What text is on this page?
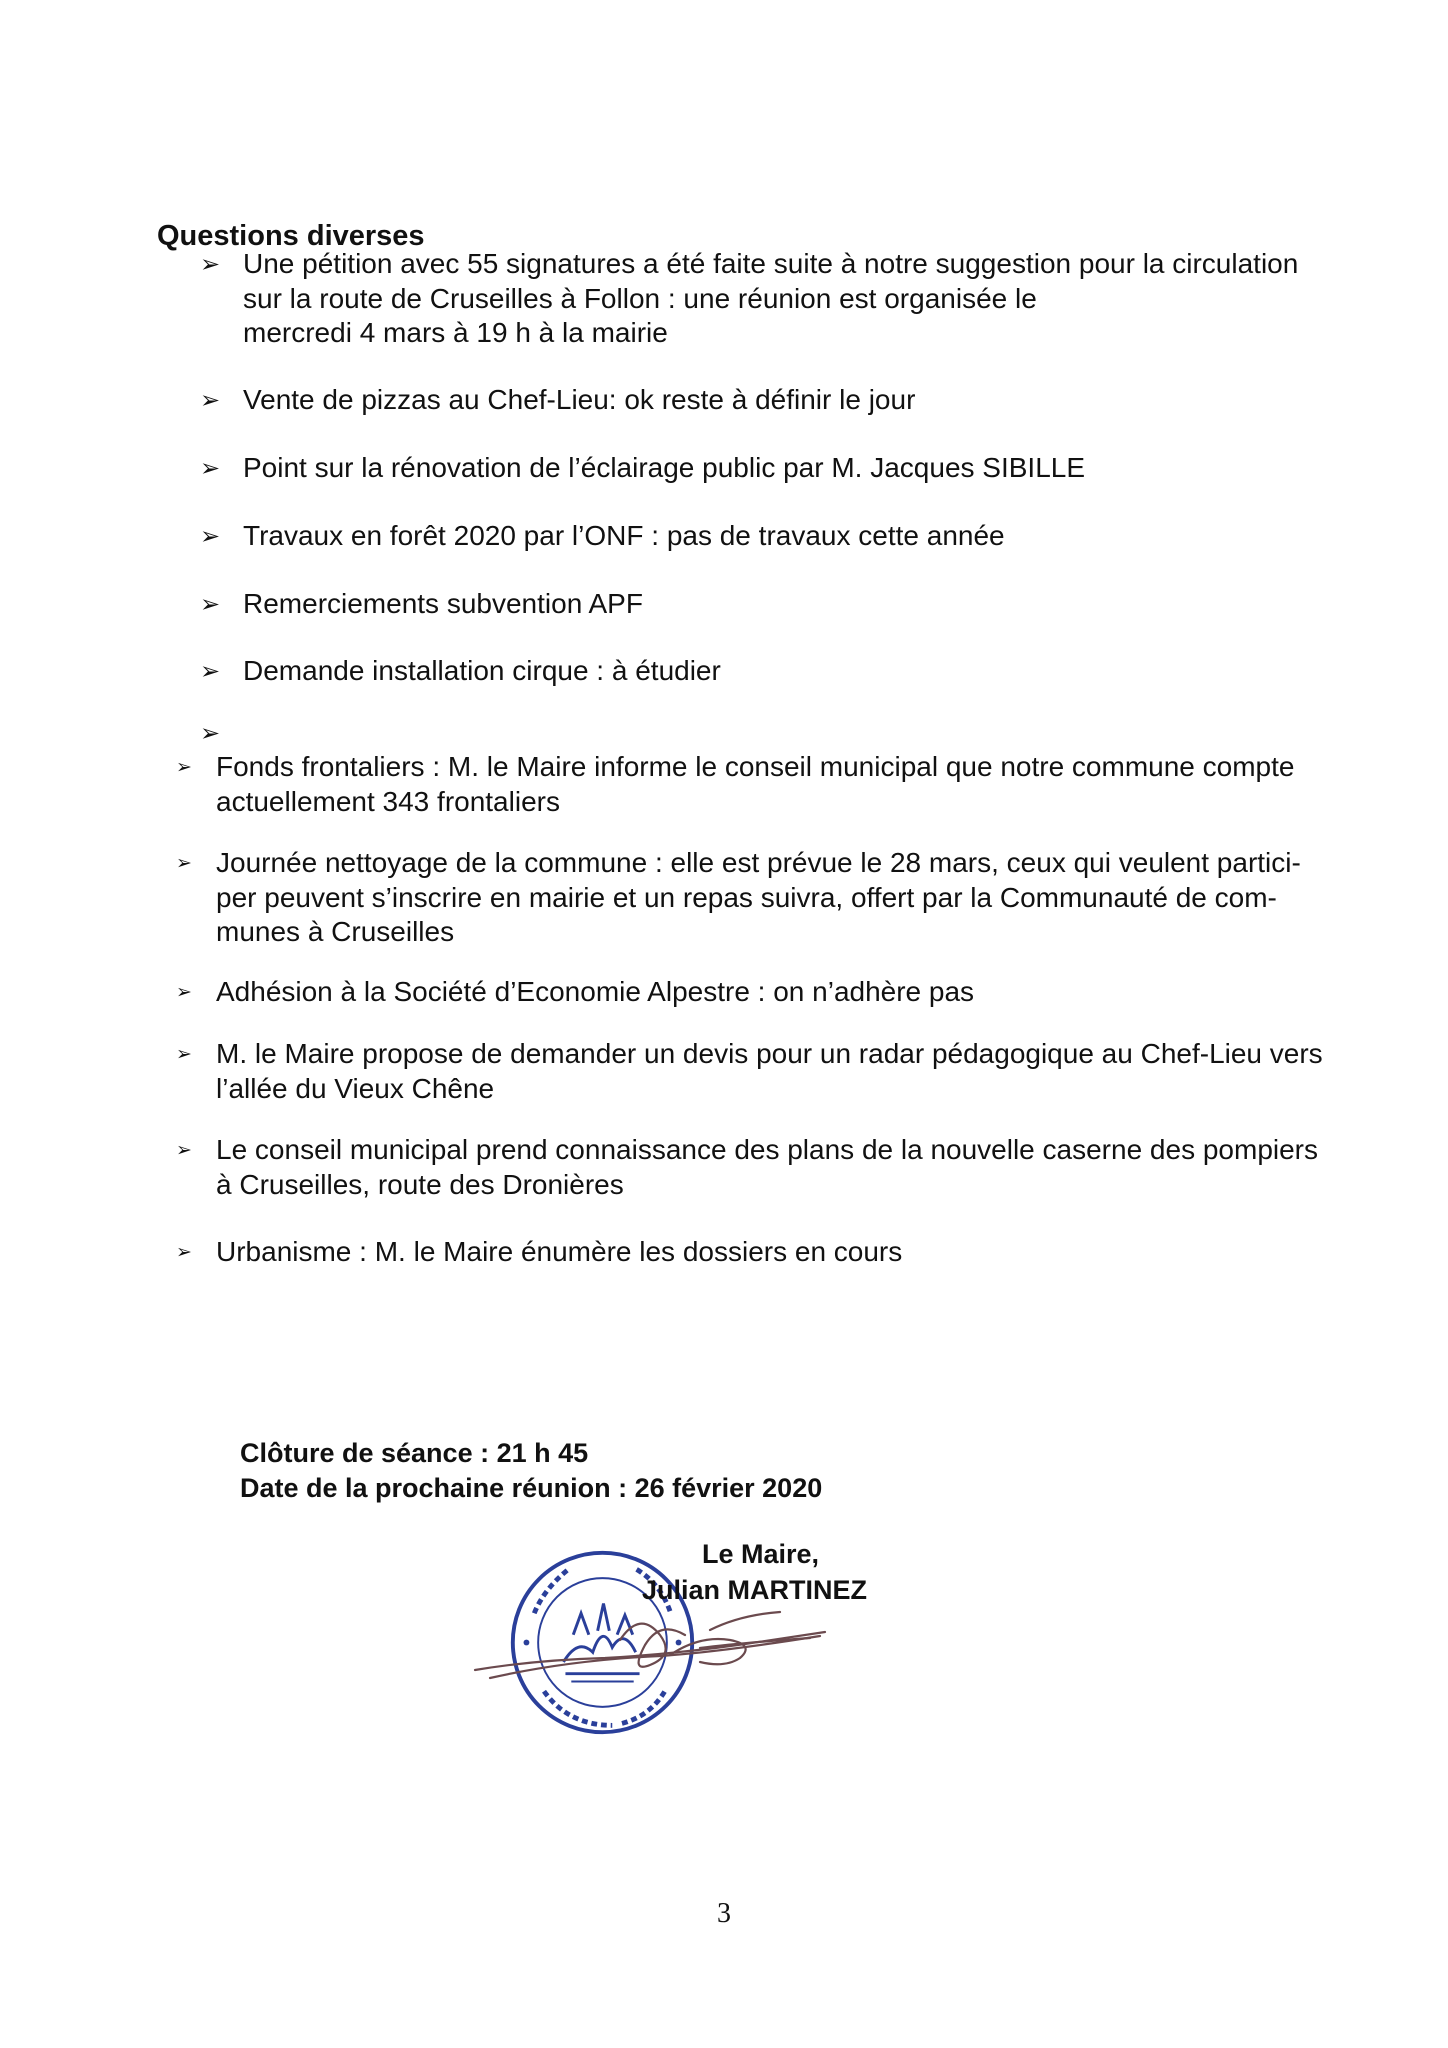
Questions diverses
➢ Une pétition avec 55 signatures a été faite suite à notre suggestion pour la circulation
sur la route de Cruseilles à Follon : une réunion est organisée le
mercredi 4 mars à 19 h à la mairie
➢ Vente de pizzas au Chef-Lieu: ok reste à définir le jour
➢ Point sur la rénovation de l’éclairage public par M. Jacques SIBILLE
➢ Travaux en forêt 2020 par l’ONF : pas de travaux cette année
➢ Remerciements subvention APF
➢ Demande installation cirque : à étudier
➢
➢ Fonds frontaliers : M. le Maire informe le conseil municipal que notre commune compte
actuellement 343 frontaliers
➢ Journée nettoyage de la commune : elle est prévue le 28 mars, ceux qui veulent partici-
per peuvent s’inscrire en mairie et un repas suivra, offert par la Communauté de com-
munes à Cruseilles
➢ Adhésion à la Société d’Economie Alpestre : on n’adhère pas
➢ M. le Maire propose de demander un devis pour un radar pédagogique au Chef-Lieu vers
l’allée du Vieux Chêne
➢ Le conseil municipal prend connaissance des plans de la nouvelle caserne des pompiers
à Cruseilles, route des Dronières
➢ Urbanisme : M. le Maire énumère les dossiers en cours
Clôture de séance : 21 h 45
Date de la prochaine réunion : 26 février 2020
Le Maire,
Julian MARTINEZ
3
